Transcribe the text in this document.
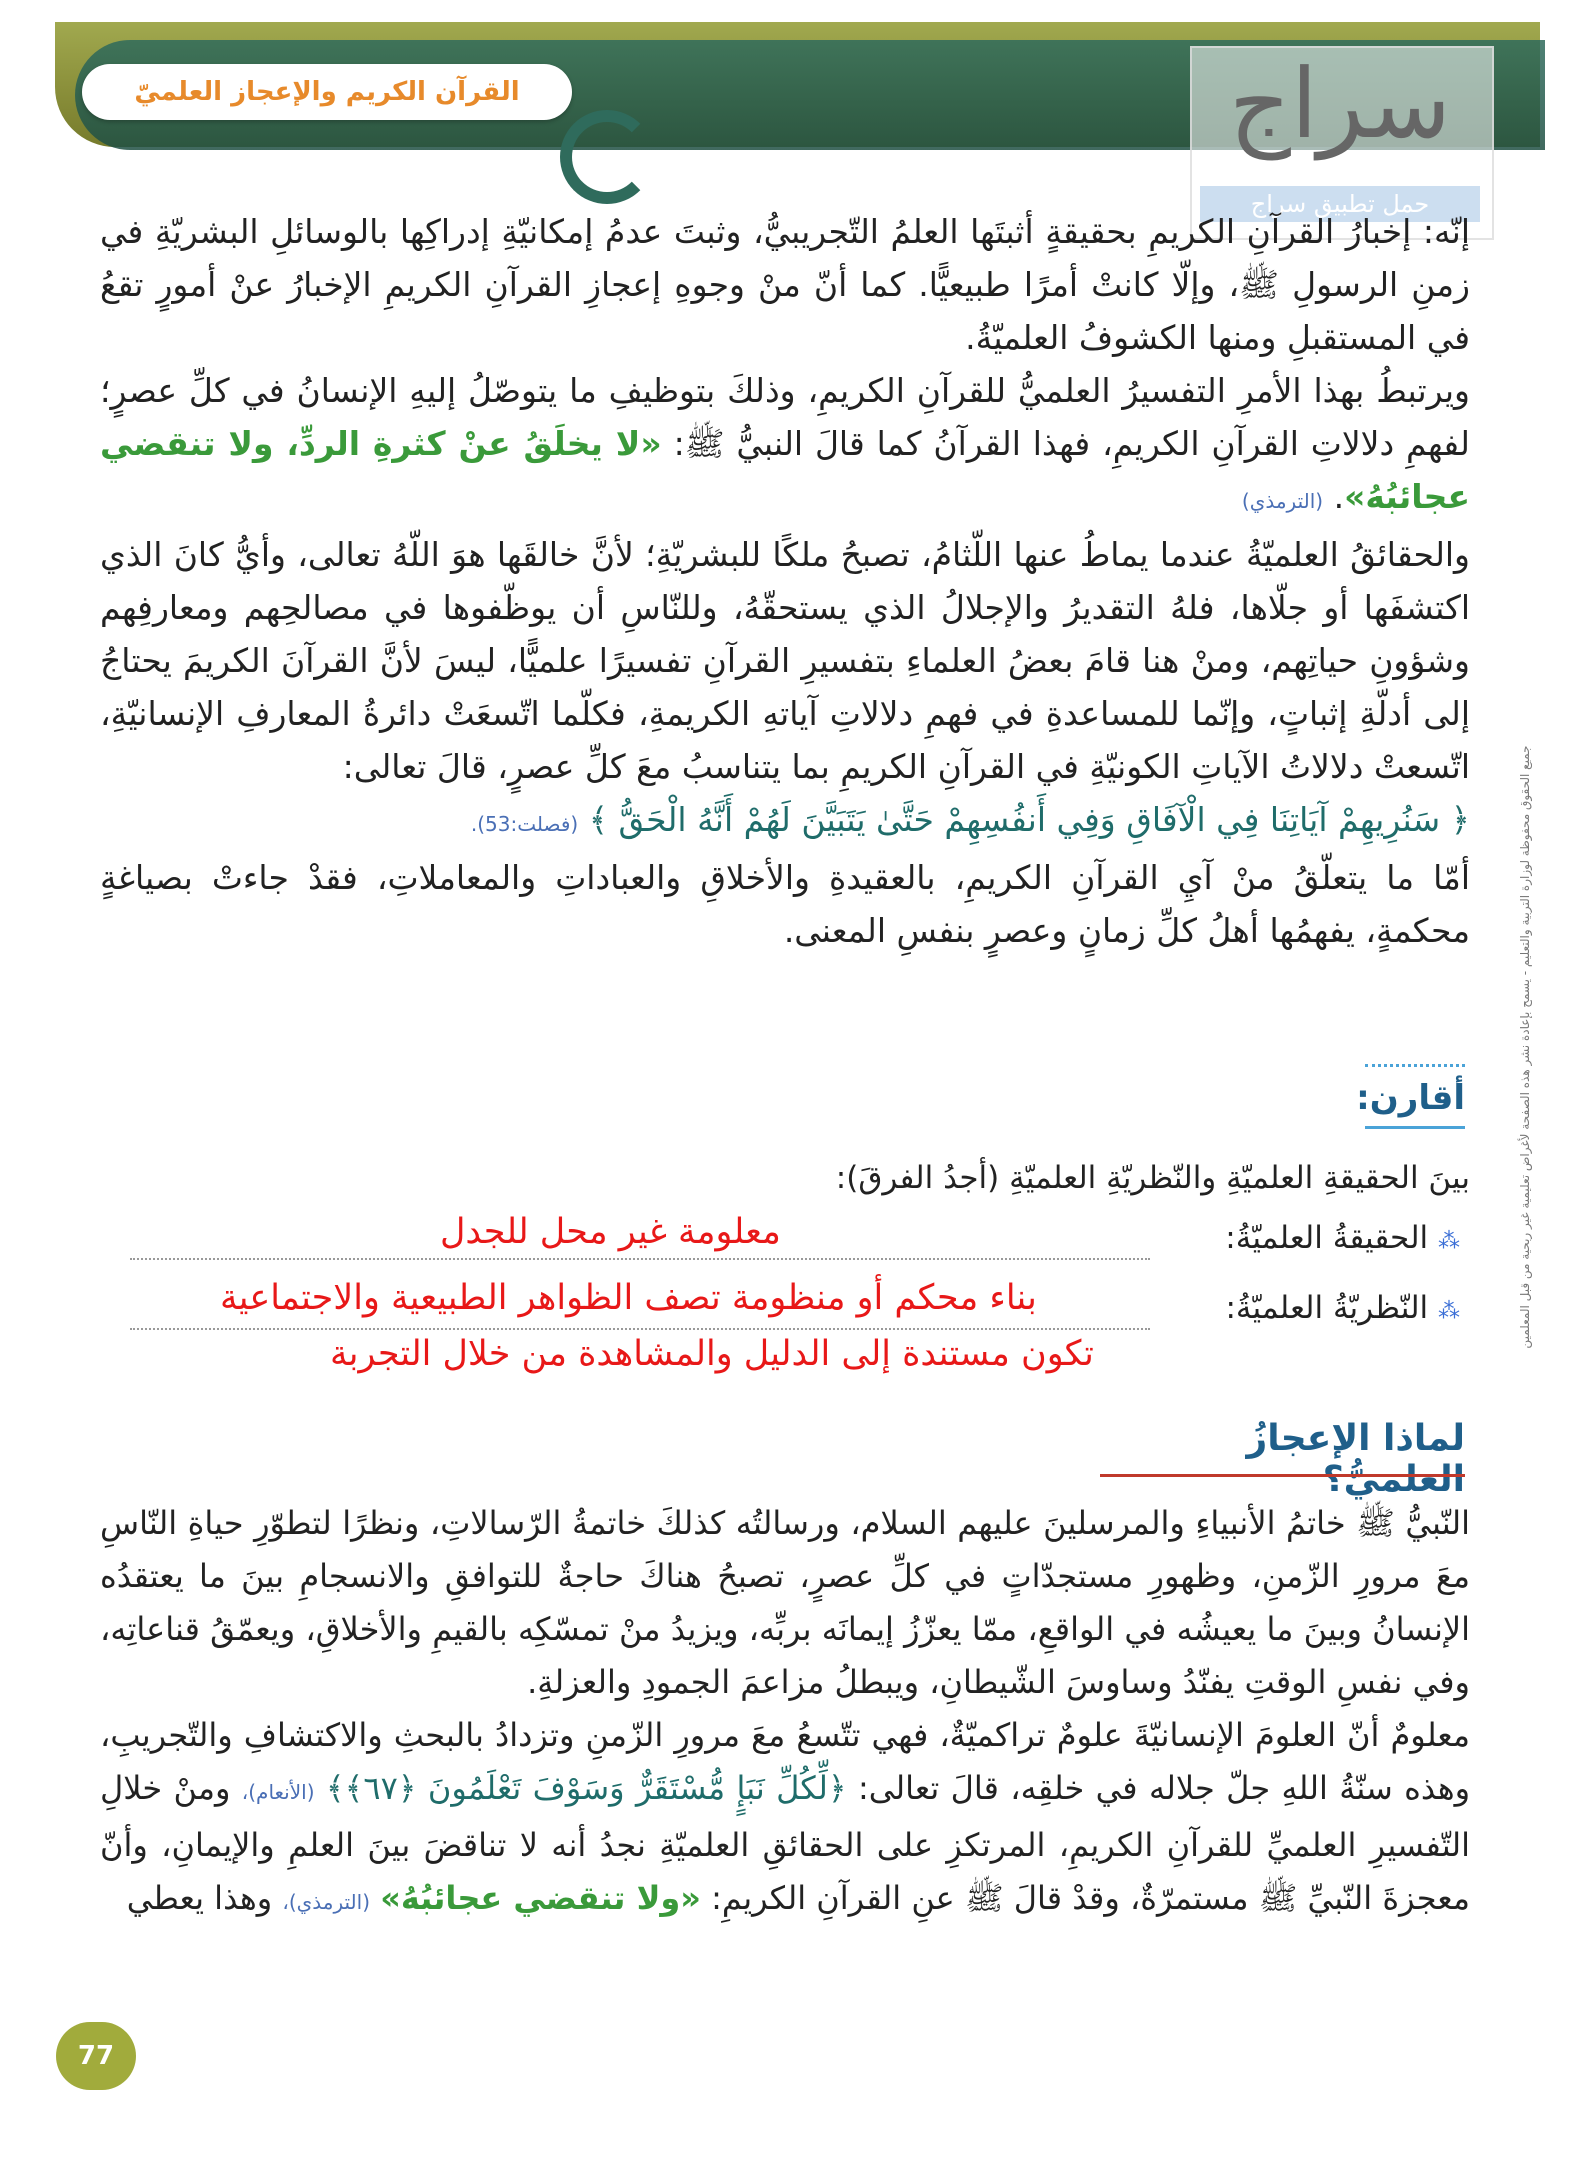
القرآن الكريم والإعجاز العلميّ	سراج
حمل تطبيق سراج
جميع الحقوق محفوظة لوزارة التربية والتعليم - يسمح بإعادة نشر هذه الصفحة لأغراض تعليمية غير ربحية من قبل المعلمين

إنّه: إخبارُ القرآنِ الكريمِ بحقيقةٍ أثبتَها العلمُ التّجريبيُّ، وثبتَ عدمُ إمكانيّةِ إدراكِها بالوسائلِ البشريّةِ في زمنِ الرسولِ ﷺ، وإلّا كانتْ أمرًا طبيعيًّا. كما أنّ منْ وجوهِ إعجازِ القرآنِ الكريمِ الإخبارُ عنْ أمورٍ تقعُ في المستقبلِ ومنها الكشوفُ العلميّةُ.

ويرتبطُ بهذا الأمرِ التفسيرُ العلميُّ للقرآنِ الكريمِ، وذلكَ بتوظيفِ ما يتوصّلُ إليهِ الإنسانُ في كلِّ عصرٍ؛ لفهمِ دلالاتِ القرآنِ الكريمِ، فهذا القرآنُ كما قالَ النبيُّ ﷺ: «لا يخلَقُ عنْ كثرةِ الردِّ، ولا تنقضي عجائبُهُ». (الترمذي)

والحقائقُ العلميّةُ عندما يماطُ عنها اللّثامُ، تصبحُ ملكًا للبشريّةِ؛ لأنَّ خالقَها هوَ اللّهُ تعالى، وأيُّ كانَ الذي اكتشفَها أو جلّاها، فلهُ التقديرُ والإجلالُ الذي يستحقّهُ، وللنّاسِ أن يوظّفوها في مصالحِهم ومعارفِهم وشؤونِ حياتِهم، ومنْ هنا قامَ بعضُ العلماءِ بتفسيرِ القرآنِ تفسيرًا علميًّا، ليسَ لأنَّ القرآنَ الكريمَ يحتاجُ إلى أدلّةِ إثباتٍ، وإنّما للمساعدةِ في فهمِ دلالاتِ آياتهِ الكريمةِ، فكلّما اتّسعَتْ دائرةُ المعارفِ الإنسانيّةِ، اتّسعتْ دلالاتُ الآياتِ الكونيّةِ في القرآنِ الكريمِ بما يتناسبُ معَ كلِّ عصرٍ، قالَ تعالى:
﴿ سَنُرِيهِمْ آيَاتِنَا فِي الْآفَاقِ وَفِي أَنفُسِهِمْ حَتَّىٰ يَتَبَيَّنَ لَهُمْ أَنَّهُ الْحَقُّ ﴾ (فصلت:53).

أمّا ما يتعلّقُ منْ آيِ القرآنِ الكريمِ، بالعقيدةِ والأخلاقِ والعباداتِ والمعاملاتِ، فقدْ جاءتْ بصياغةٍ محكمةٍ، يفهمُها أهلُ كلِّ زمانٍ وعصرٍ بنفسِ المعنى.

أقارن:
بينَ الحقيقةِ العلميّةِ والنّظريّةِ العلميّةِ (أجدُ الفرقَ):
⁂ الحقيقةُ العلميّةُ:
معلومة غير محل للجدل
⁂ النّظريّةُ العلميّةُ:
بناء محكم أو منظومة تصف الظواهر الطبيعية والاجتماعية
تكون مستندة إلى الدليل والمشاهدة من خلال التجربة
لماذا الإعجازُ العلميُّ؟

النّبيُّ ﷺ خاتمُ الأنبياءِ والمرسلينَ عليهم السلام، ورسالتُه كذلكَ خاتمةُ الرّسالاتِ، ونظرًا لتطوّرِ حياةِ النّاسِ معَ مرورِ الزّمنِ، وظهورِ مستجدّاتٍ في كلِّ عصرٍ، تصبحُ هناكَ حاجةٌ للتوافقِ والانسجامِ بينَ ما يعتقدُه الإنسانُ وبينَ ما يعيشُه في الواقعِ، ممّا يعزّزُ إيمانَه بربِّه، ويزيدُ منْ تمسّكِه بالقيمِ والأخلاقِ، ويعمّقُ قناعاتِه، وفي نفسِ الوقتِ يفنّدُ وساوسَ الشّيطانِ، ويبطلُ مزاعمَ الجمودِ والعزلةِ.

معلومٌ أنّ العلومَ الإنسانيّةَ علومٌ تراكميّةٌ، فهي تتّسعُ معَ مرورِ الزّمنِ وتزدادُ بالبحثِ والاكتشافِ والتّجريبِ، وهذه سنّةُ اللهِ جلّ جلاله في خلقِه، قالَ تعالى: ﴿لِّكُلِّ نَبَإٍ مُّسْتَقَرٌّ وَسَوْفَ تَعْلَمُونَ ﴿٦٧﴾﴾ (الأنعام)، ومنْ خلالِ التّفسيرِ العلميِّ للقرآنِ الكريمِ، المرتكزِ على الحقائقِ العلميّةِ نجدُ أنه لا تناقضَ بينَ العلمِ والإيمانِ، وأنّ معجزةَ النّبيِّ ﷺ مستمرّةٌ، وقدْ قالَ ﷺ عنِ القرآنِ الكريمِ: «ولا تنقضي عجائبُهُ» (الترمذي)، وهذا يعطي

77
